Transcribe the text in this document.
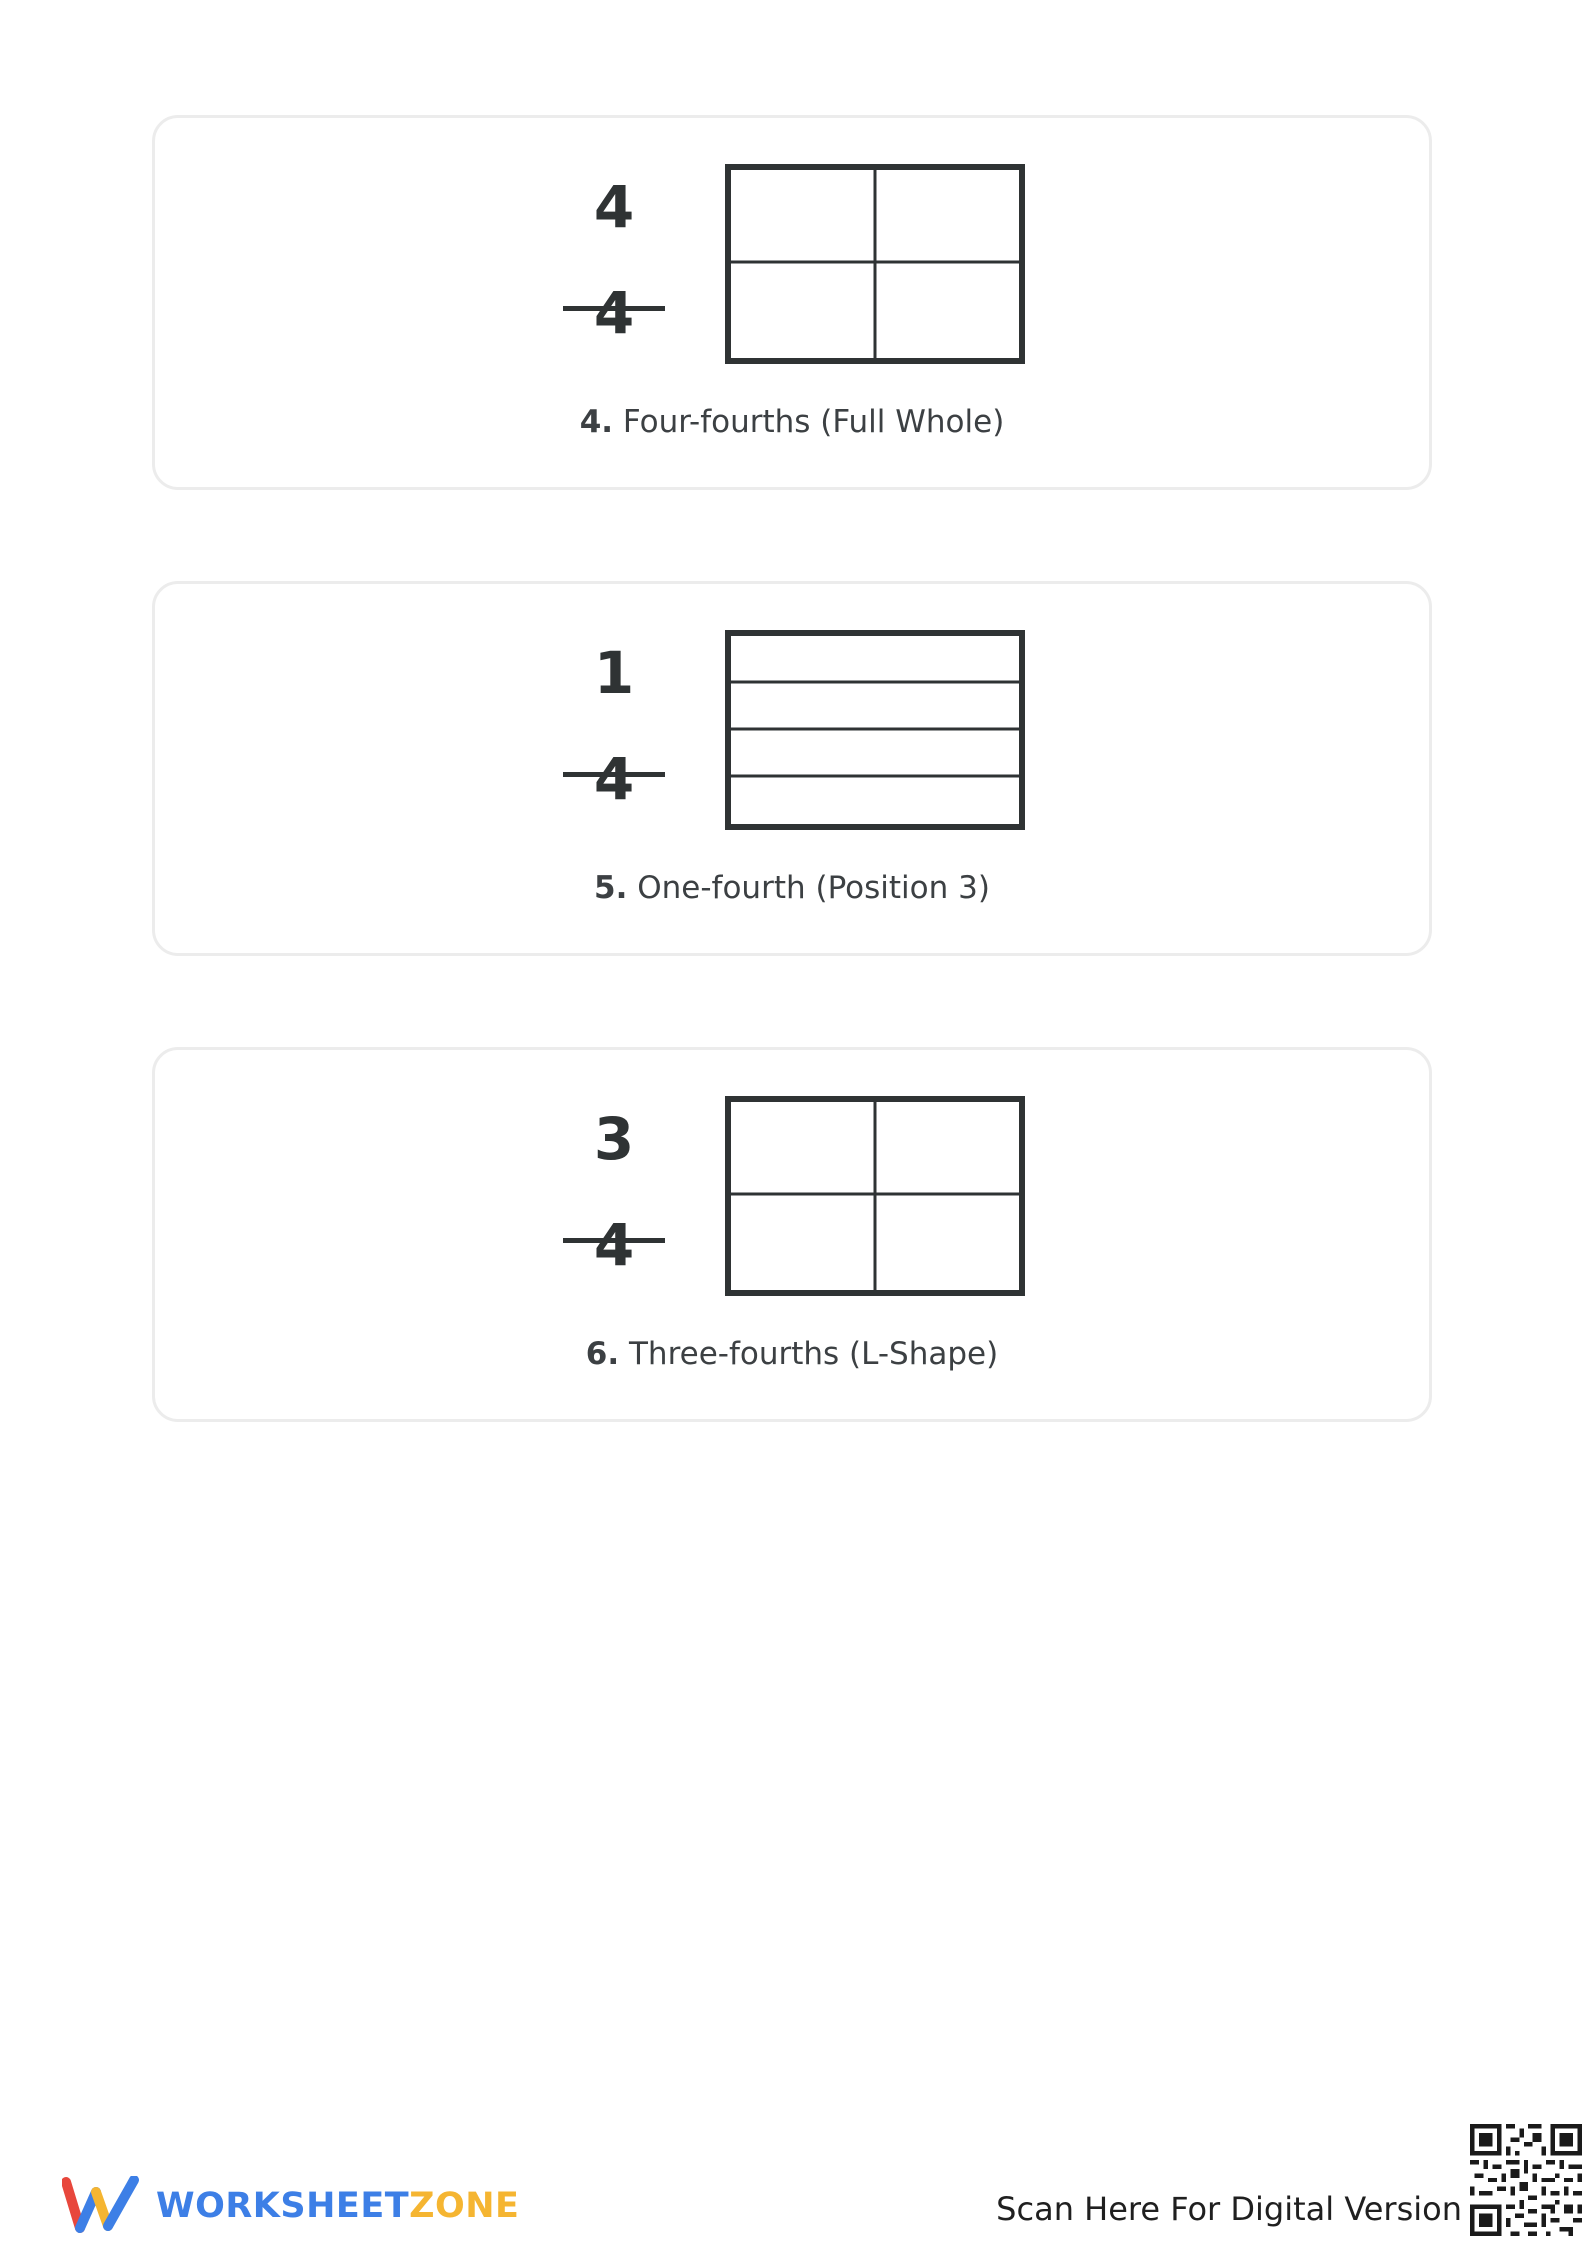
4
4
4. Four-fourths (Full Whole)
1
4
5. One-fourth (Position 3)
3
4
6. Three-fourths (L-Shape)
WORKSHEETZONE	Scan Here For Digital Version
